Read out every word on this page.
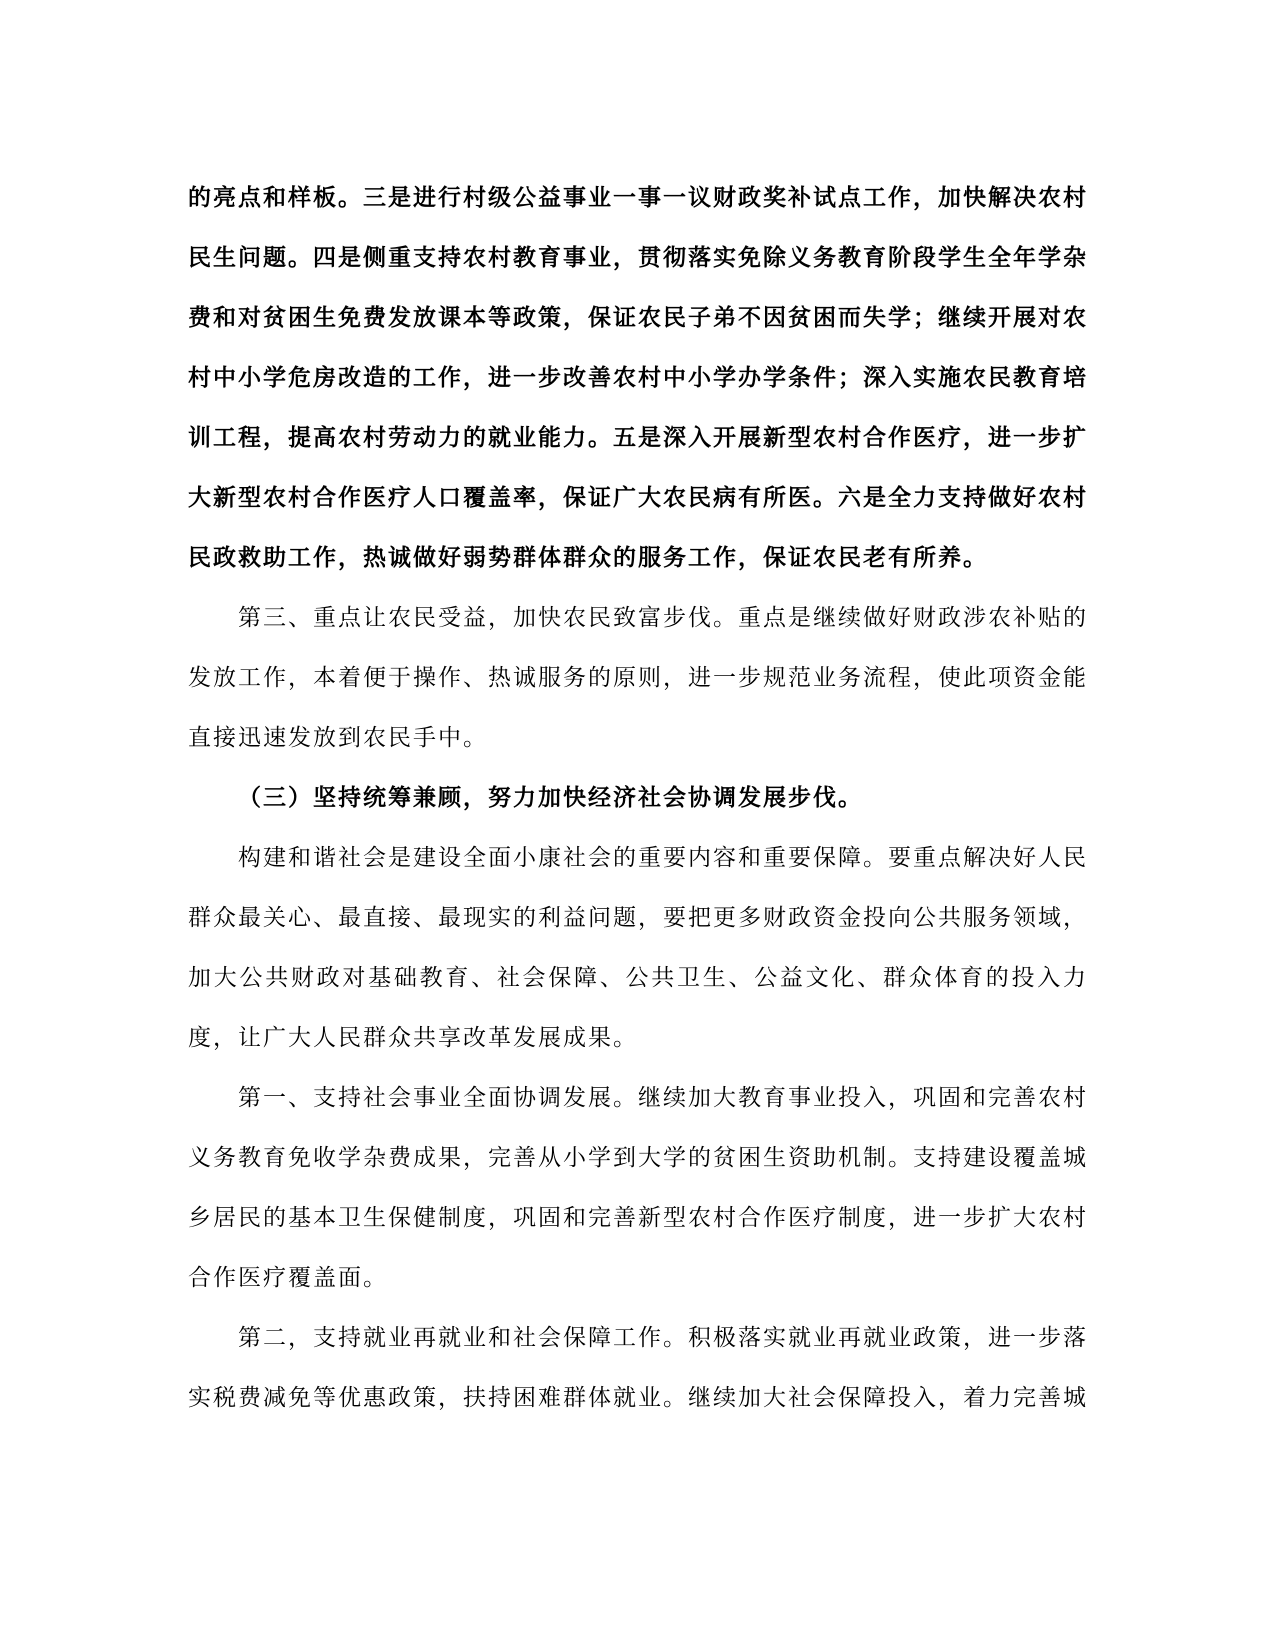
的亮点和样板。三是进行村级公益事业一事一议财政奖补试点工作，加快解决农村民生问题。四是侧重支持农村教育事业，贯彻落实免除义务教育阶段学生全年学杂费和对贫困生免费发放课本等政策，保证农民子弟不因贫困而失学；继续开展对农村中小学危房改造的工作，进一步改善农村中小学办学条件；深入实施农民教育培训工程，提高农村劳动力的就业能力。五是深入开展新型农村合作医疗，进一步扩大新型农村合作医疗人口覆盖率，保证广大农民病有所医。六是全力支持做好农村民政救助工作，热诚做好弱势群体群众的服务工作，保证农民老有所养。

第三、重点让农民受益，加快农民致富步伐。重点是继续做好财政涉农补贴的发放工作，本着便于操作、热诚服务的原则，进一步规范业务流程，使此项资金能直接迅速发放到农民手中。

（三）坚持统筹兼顾，努力加快经济社会协调发展步伐。

构建和谐社会是建设全面小康社会的重要内容和重要保障。要重点解决好人民群众最关心、最直接、最现实的利益问题，要把更多财政资金投向公共服务领域，加大公共财政对基础教育、社会保障、公共卫生、公益文化、群众体育的投入力度，让广大人民群众共享改革发展成果。

第一、支持社会事业全面协调发展。继续加大教育事业投入，巩固和完善农村义务教育免收学杂费成果，完善从小学到大学的贫困生资助机制。支持建设覆盖城乡居民的基本卫生保健制度，巩固和完善新型农村合作医疗制度，进一步扩大农村合作医疗覆盖面。

第二，支持就业再就业和社会保障工作。积极落实就业再就业政策，进一步落实税费减免等优惠政策，扶持困难群体就业。继续加大社会保障投入，着力完善城
